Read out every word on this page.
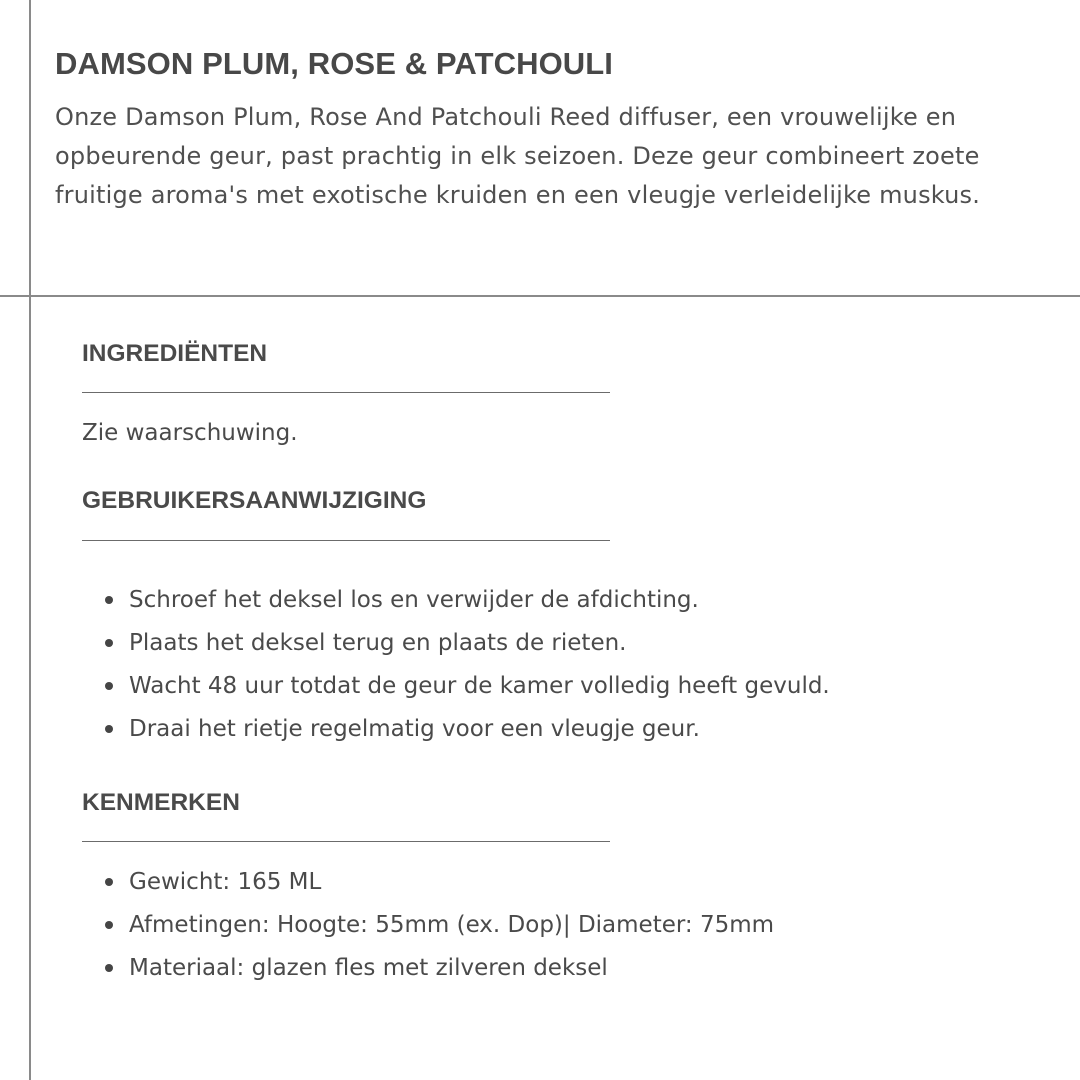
DAMSON PLUM, ROSE & PATCHOULI

Onze Damson Plum, Rose And Patchouli Reed diffuser, een vrouwelijke en opbeurende geur, past prachtig in elk seizoen. Deze geur combineert zoete fruitige aroma's met exotische kruiden en een vleugje verleidelijke muskus.

INGREDIËNTEN

Zie waarschuwing.

GEBRUIKERSAANWIJZIGING
Schroef het deksel los en verwijder de afdichting.
Plaats het deksel terug en plaats de rieten.
Wacht 48 uur totdat de geur de kamer volledig heeft gevuld.
Draai het rietje regelmatig voor een vleugje geur.
KENMERKEN
Gewicht: 165 ML
Afmetingen: Hoogte: 55mm (ex. Dop)| Diameter: 75mm
Materiaal: glazen fles met zilveren deksel
